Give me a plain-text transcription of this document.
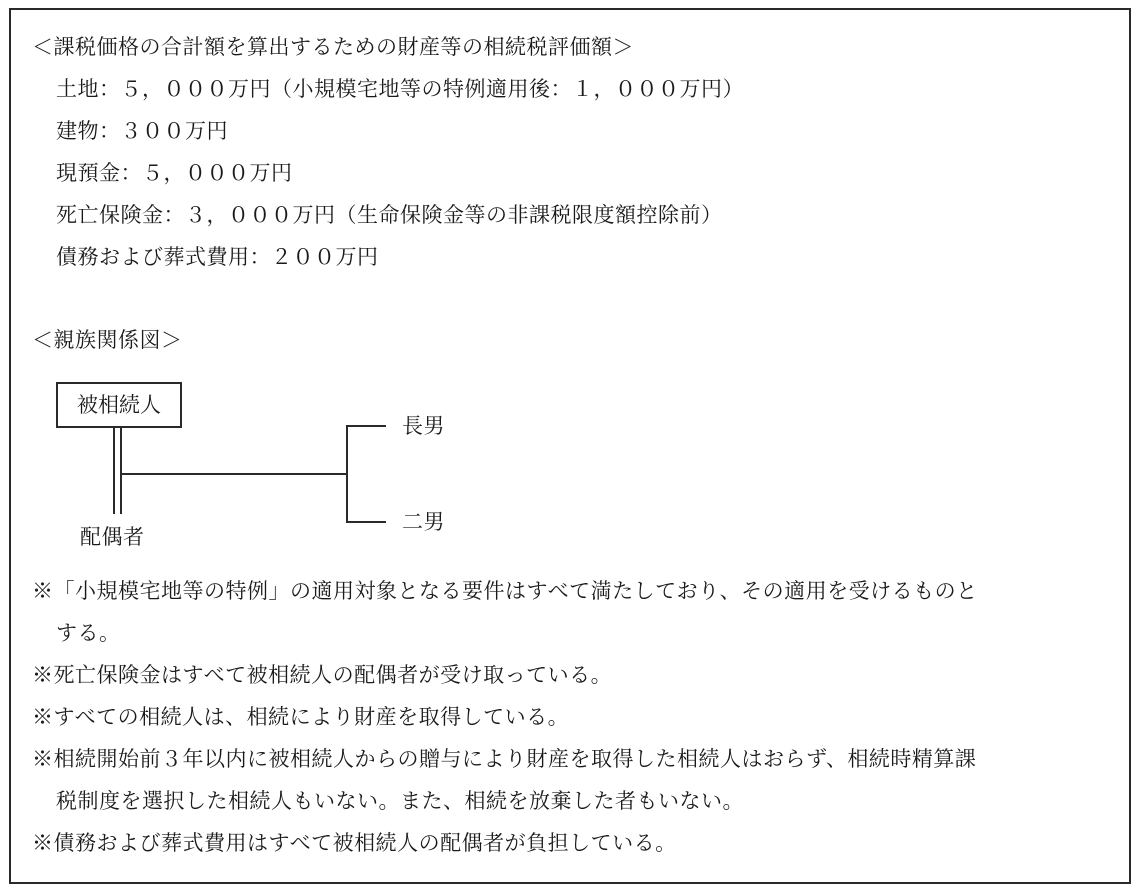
＜課税価格の合計額を算出するための財産等の相続税評価額＞
土地：５，０００万円（小規模宅地等の特例適用後：１，０００万円）
建物：３００万円
現預金：５，０００万円
死亡保険金：３，０００万円（生命保険金等の非課税限度額控除前）
債務および葬式費用：２００万円
＜親族関係図＞
被相続人
配偶者
長男
二男
※「小規模宅地等の特例」の適用対象となる要件はすべて満たしており、その適用を受けるものと
する。
※死亡保険金はすべて被相続人の配偶者が受け取っている。
※すべての相続人は、相続により財産を取得している。
※相続開始前３年以内に被相続人からの贈与により財産を取得した相続人はおらず、相続時精算課
税制度を選択した相続人もいない。また、相続を放棄した者もいない。
※債務および葬式費用はすべて被相続人の配偶者が負担している。
